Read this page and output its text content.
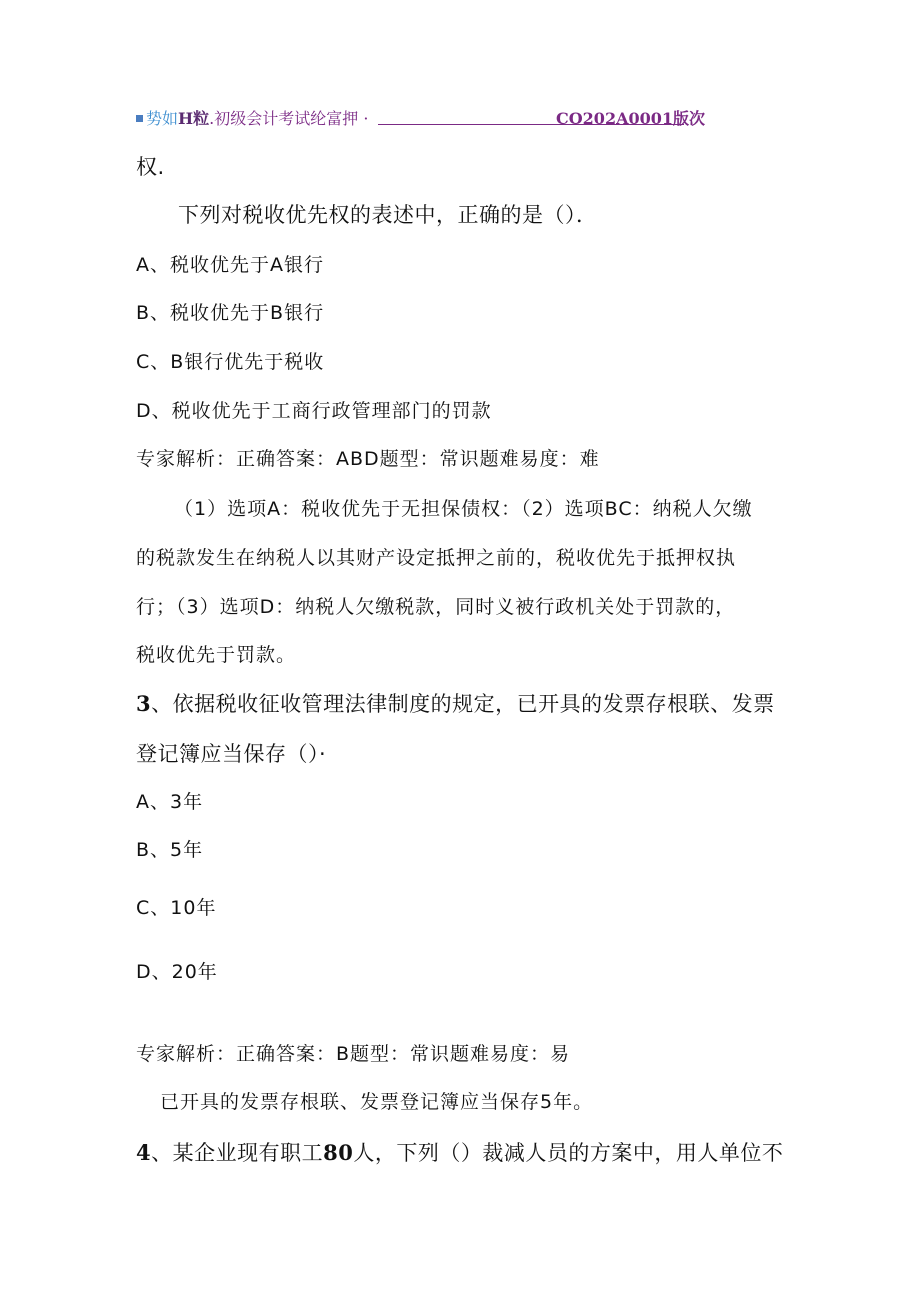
势如H粒.初级会计考试纶富押 ·	CO202A0001版次
权.
下列对税收优先权的表述中，正确的是（）．
A、税收优先于A银行
B、税收优先于B银行
C、B银行优先于税收
D、税收优先于工商行政管理部门的罚款
专家解析：正确答案：ABD题型：常识题难易度：难
（1）选项A：税收优先于无担保债权：（2）选项BC：纳税人欠缴
的税款发生在纳税人以其财产设定抵押之前的，税收优先于抵押权执
行；（3）选项D：纳税人欠缴税款，同时义被行政机关处于罚款的，
税收优先于罚款。
3、依据税收征收管理法律制度的规定，已开具的发票存根联、发票
登记簿应当保存（）·
A、3年
B、5年
C、10年
D、20年
专家解析：正确答案：B题型：常识题难易度：易
已开具的发票存根联、发票登记簿应当保存5年。
4、某企业现有职工80人，下列（）裁减人员的方案中，用人单位不
